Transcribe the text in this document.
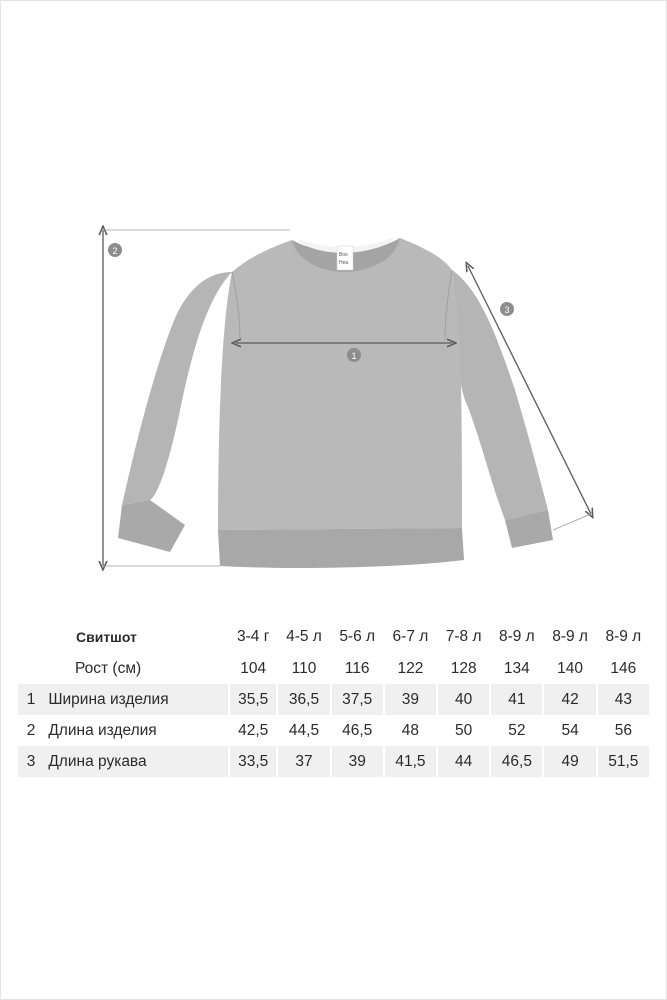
Bos
Hea
1
2
3
Свитшот	3-4 г	4-5 л	5-6 л	6-7 л	7-8 л	8-9 л	8-9 л	8-9 л
Рост (см)	104	110	116	122	128	134	140	146
1 Ширина изделия	35,5	36,5	37,5	39	40	41	42	43
2 Длина изделия	42,5	44,5	46,5	48	50	52	54	56
3 Длина рукава	33,5	37	39	41,5	44	46,5	49	51,5
